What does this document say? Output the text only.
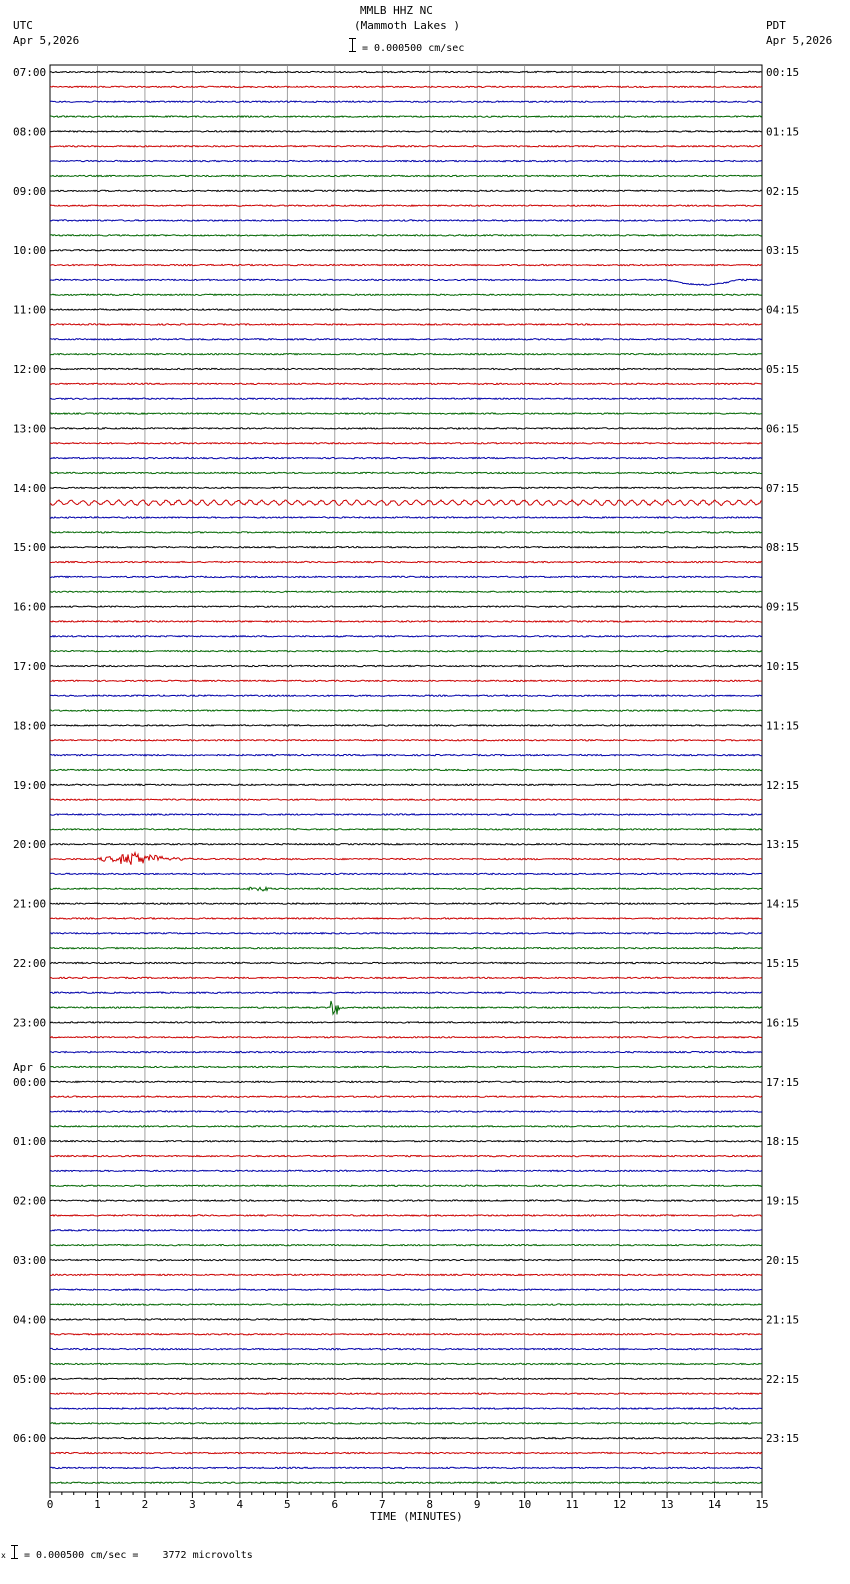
UTC
Apr 5,2026
PDT
Apr 5,2026
MMLB HHZ NC
(Mammoth Lakes )
= 0.000500 cm/sec
0	1	2	3	4	5	6	7	8	9	10	11	12	13	14	15
07:00
08:00
09:00
10:00
11:00
12:00
13:00
14:00
15:00
16:00
17:00
18:00
19:00
20:00
21:00
22:00
23:00
00:00
01:00
02:00
03:00
04:00
05:00
06:00
00:15
01:15
02:15
03:15
04:15
05:15
06:15
07:15
08:15
09:15
10:15
11:15
12:15
13:15
14:15
15:15
16:15
17:15
18:15
19:15
20:15
21:15
22:15
23:15
Apr 6
TIME (MINUTES)
x = 0.000500 cm/sec =    3772 microvolts
